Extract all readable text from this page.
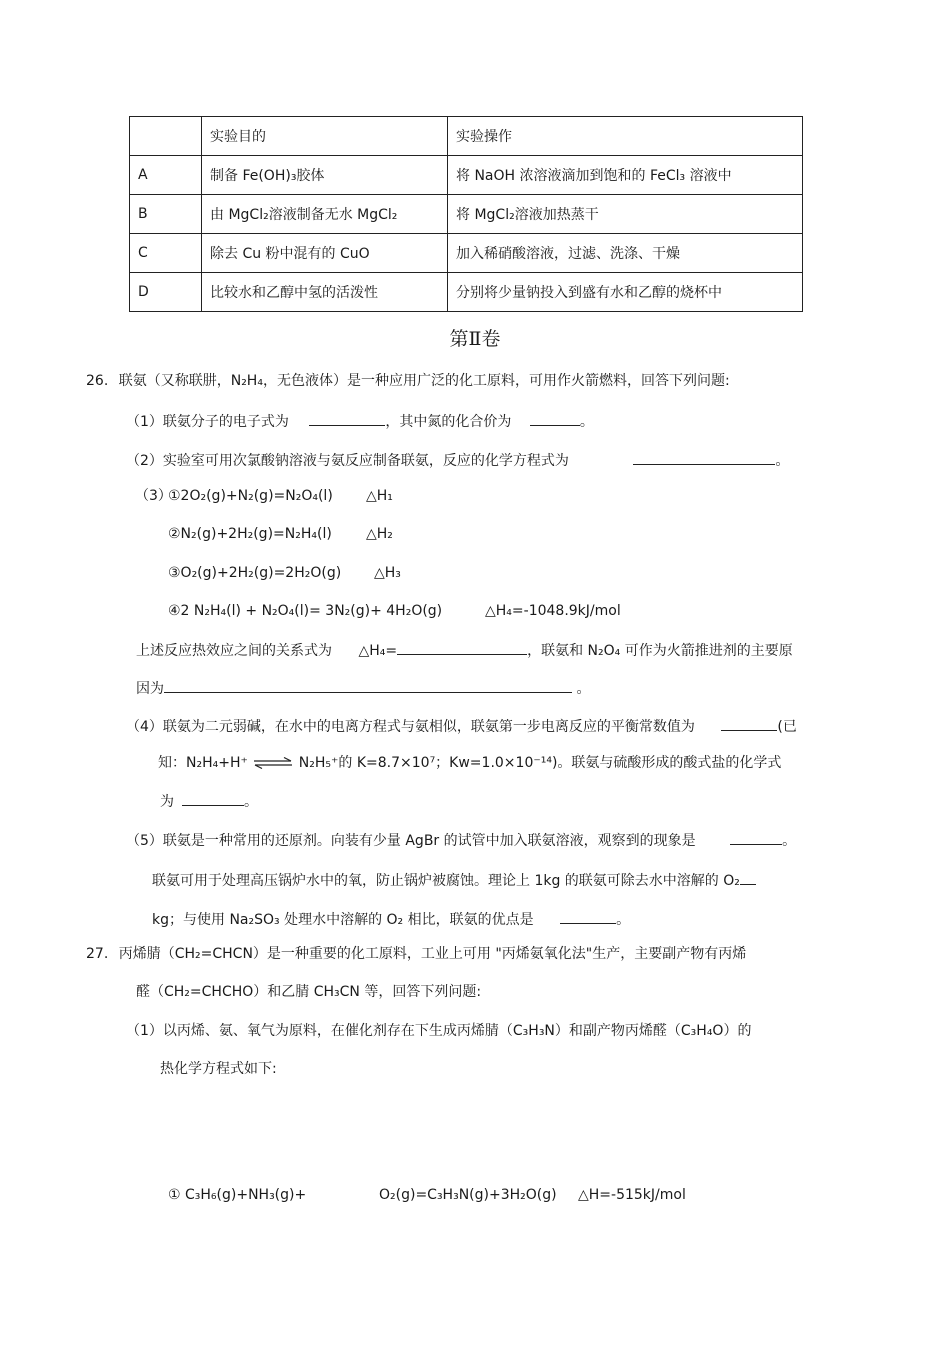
	实验目的	实验操作
A	制备 Fe(OH)₃胶体	将 NaOH 浓溶液滴加到饱和的 FeCl₃ 溶液中
B	由 MgCl₂溶液制备无水 MgCl₂	将 MgCl₂溶液加热蒸干
C	除去 Cu 粉中混有的 CuO	加入稀硝酸溶液，过滤、洗涤、干燥
D	比较水和乙醇中氢的活泼性	分别将少量钠投入到盛有水和乙醇的烧杯中
第Ⅱ卷
26. 联氨（又称联肼，N₂H₄，无色液体）是一种应用广泛的化工原料，可用作火箭燃料，回答下列问题:
（1）联氨分子的电子式为	，其中氮的化合价为	。
（2）实验室可用次氯酸钠溶液与氨反应制备联氨，反应的化学方程式为	。
（3）
①2O₂(g)+N₂(g)=N₂O₄(l) △H₁
②N₂(g)+2H₂(g)=N₂H₄(l) △H₂
③O₂(g)+2H₂(g)=2H₂O(g) △H₃
④2 N₂H₄(l) + N₂O₄(l)= 3N₂(g)+ 4H₂O(g)	△H₄=-1048.9kJ/mol
上述反应热效应之间的关系式为 △H₄=	，联氨和 N₂O₄ 可作为火箭推进剂的主要原
因为	。
（4）联氨为二元弱碱，在水中的电离方程式与氨相似，联氨第一步电离反应的平衡常数值为	(已
知：N₂H₄+H⁺ ⇌ N₂H₅⁺的 K=8.7×10⁷；Kw=1.0×10⁻¹⁴)。联氨与硫酸形成的酸式盐的化学式
为	。
（5）联氨是一种常用的还原剂。向装有少量 AgBr 的试管中加入联氨溶液，观察到的现象是	。
联氨可用于处理高压锅炉水中的氧，防止锅炉被腐蚀。理论上 1kg 的联氨可除去水中溶解的 O₂
kg；与使用 Na₂SO₃ 处理水中溶解的 O₂ 相比，联氨的优点是	。
27. 丙烯腈（CH₂=CHCN）是一种重要的化工原料，工业上可用 "丙烯氨氧化法"生产，主要副产物有丙烯
醛（CH₂=CHCHO）和乙腈 CH₃CN 等，回答下列问题:
（1）以丙烯、氨、氧气为原料，在催化剂存在下生成丙烯腈（C₃H₃N）和副产物丙烯醛（C₃H₄O）的
热化学方程式如下:
① C₃H₆(g)+NH₃(g)+	O₂(g)=C₃H₃N(g)+3H₂O(g) △H=-515kJ/mol
